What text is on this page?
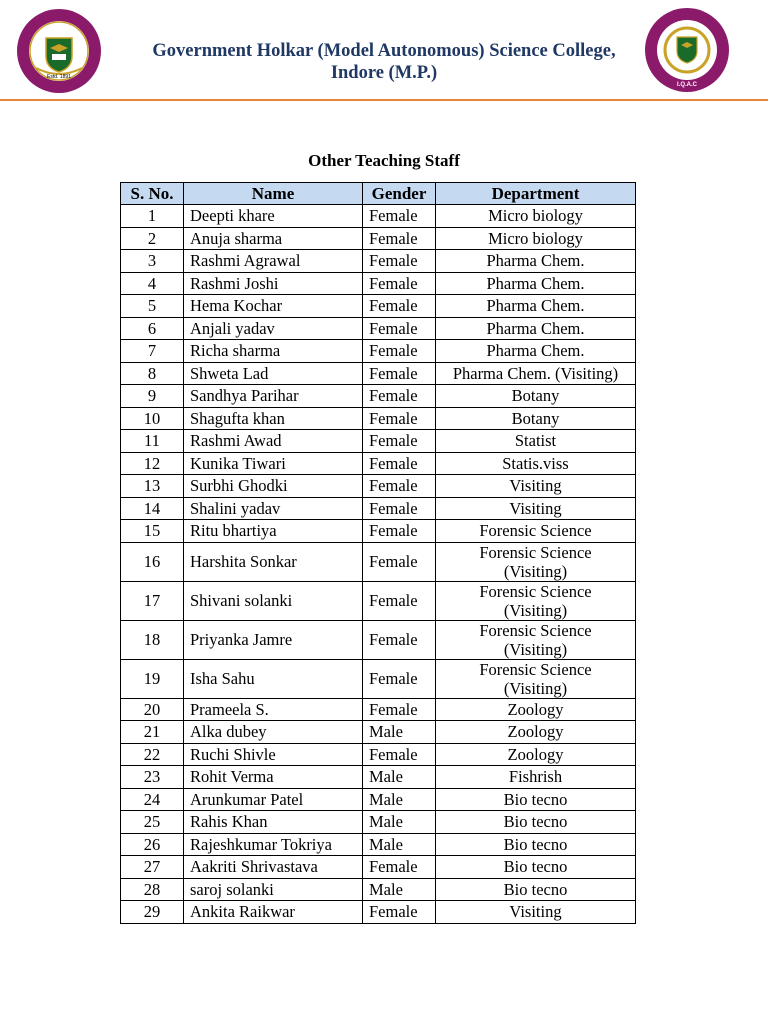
Estd. 1891
I.Q.A.C
Government Holkar (Model Autonomous) Science College,
Indore (M.P.)
Other Teaching Staff
S. No.	Name	Gender	Department
1	Deepti khare	Female	Micro biology
2	Anuja sharma	Female	Micro biology
3	Rashmi Agrawal	Female	Pharma Chem.
4	Rashmi Joshi	Female	Pharma Chem.
5	Hema Kochar	Female	Pharma Chem.
6	Anjali yadav	Female	Pharma Chem.
7	Richa sharma	Female	Pharma Chem.
8	Shweta Lad	Female	Pharma Chem. (Visiting)
9	Sandhya Parihar	Female	Botany
10	Shagufta khan	Female	Botany
11	Rashmi Awad	Female	Statist
12	Kunika Tiwari	Female	Statis.viss
13	Surbhi Ghodki	Female	Visiting
14	Shalini yadav	Female	Visiting
15	Ritu bhartiya	Female	Forensic Science
16	Harshita Sonkar	Female	Forensic Science
(Visiting)

17	Shivani solanki	Female	Forensic Science
(Visiting)

18	Priyanka Jamre	Female	Forensic Science
(Visiting)

19	Isha Sahu	Female	Forensic Science
(Visiting)

20	Prameela S.	Female	Zoology
21	Alka dubey	Male	Zoology
22	Ruchi Shivle	Female	Zoology
23	Rohit Verma	Male	Fishrish
24	Arunkumar Patel	Male	Bio tecno
25	Rahis Khan	Male	Bio tecno
26	Rajeshkumar Tokriya	Male	Bio tecno
27	Aakriti Shrivastava	Female	Bio tecno
28	saroj solanki	Male	Bio tecno
29	Ankita Raikwar	Female	Visiting
